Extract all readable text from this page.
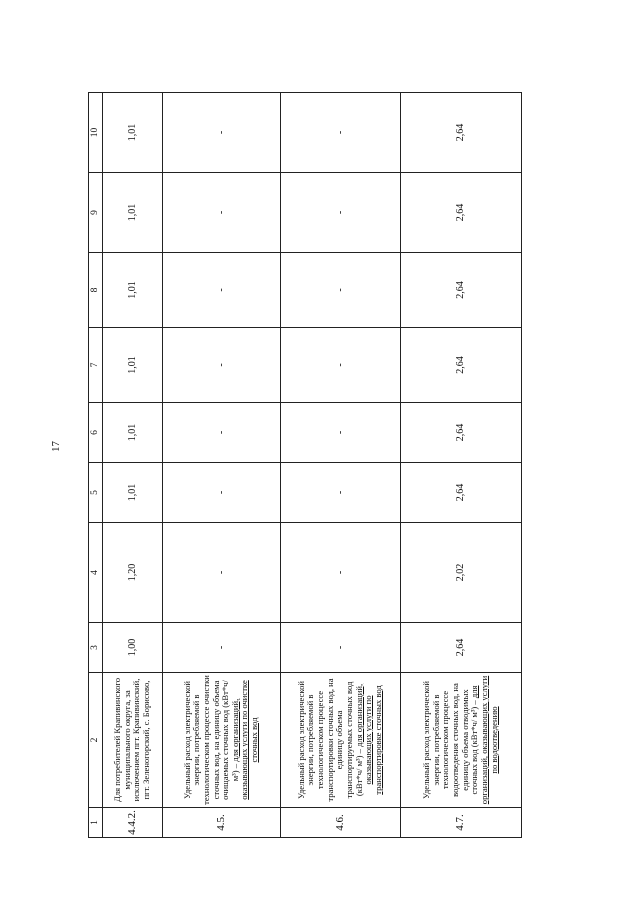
17
1	2	3	4	5	6	7	8	9	10
4.4.2.	Для потребителей Крапивинского муниципального округа, за исключением пгт. Крапивинский, пгт. Зеленогорский, с. Борисово,	1,00	1,20	1,01	1,01	1,01	1,01	1,01	1,01
4.5.	Удельный расход электрической энергии, потребляемой в технологическом процессе очистки сточных вод, на единицу объема очищаемых сточных вод (кВт*ч/ м³) – для организаций, оказывающих услуги по очистке сточных вод	-	-	-	-	-	-	-	-
4.6.	Удельный расход электрической энергии, потребляемой в технологическом процессе транспортировки сточных вод, на единицу объема транспортируемых сточных вод (кВт*ч/ м³) – для организаций, оказывающих услуги по транспортировке сточных вод	-	-	-	-	-	-	-	-
4.7.	Удельный расход электрической энергии, потребляемой в технологическом процессе водоотведения сточных вод, на единицу объема отводимых сточных вод (кВт*ч/ м³) – для организаций, оказывающих услуги по водоотведению	2,64	2,02	2,64	2,64	2,64	2,64	2,64	2,64
